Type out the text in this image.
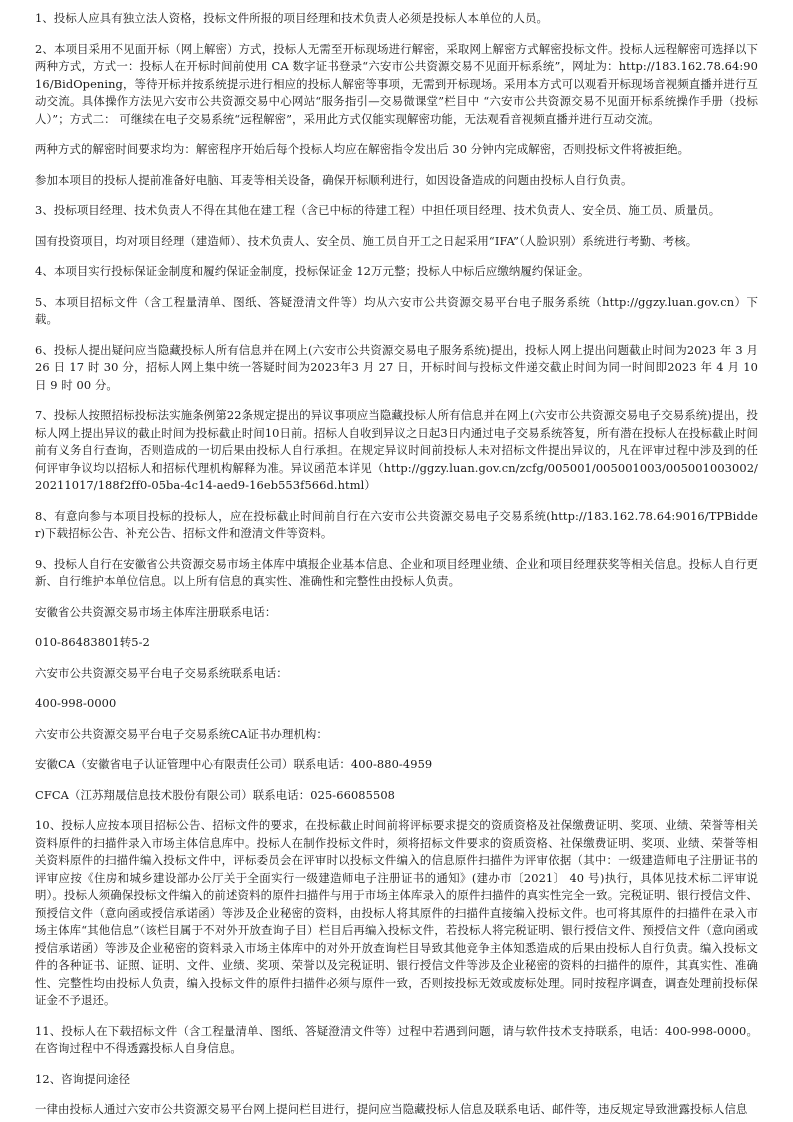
1、投标人应具有独立法人资格，投标文件所报的项目经理和技术负责人必须是投标人本单位的人员。

2、本项目采用不见面开标（网上解密）方式，投标人无需至开标现场进行解密，采取网上解密方式解密投标文件。投标人远程解密可选择以下两种方式，方式一：投标人在开标时间前使用 CA 数字证书登录“六安市公共资源交易不见面开标系统”，网址为：http://183.162.78.64:9016/BidOpening，等待开标并按系统提示进行相应的投标人解密等事项，无需到开标现场。采用本方式可以观看开标现场音视频直播并进行互动交流。具体操作方法见六安市公共资源交易中心网站“服务指引—交易微课堂”栏目中 “六安市公共资源交易不见面开标系统操作手册（投标人）”；方式二： 可继续在电子交易系统“远程解密”，采用此方式仅能实现解密功能，无法观看音视频直播并进行互动交流。

两种方式的解密时间要求均为：解密程序开始后每个投标人均应在解密指令发出后 30 分钟内完成解密，否则投标文件将被拒绝。

参加本项目的投标人提前准备好电脑、耳麦等相关设备，确保开标顺利进行，如因设备造成的问题由投标人自行负责。

3、投标项目经理、技术负责人不得在其他在建工程（含已中标的待建工程）中担任项目经理、技术负责人、安全员、施工员、质量员。

国有投资项目，均对项目经理（建造师）、技术负责人、安全员、施工员自开工之日起采用“IFA”（人脸识别）系统进行考勤、考核。

4、本项目实行投标保证金制度和履约保证金制度，投标保证金 12万元整；投标人中标后应缴纳履约保证金。

5、本项目招标文件（含工程量清单、图纸、答疑澄清文件等）均从六安市公共资源交易平台电子服务系统（http://ggzy.luan.gov.cn）下载。

6、投标人提出疑问应当隐藏投标人所有信息并在网上(六安市公共资源交易电子服务系统)提出，投标人网上提出问题截止时间为2023 年 3 月 26 日 17 时 30 分，招标人网上集中统一答疑时间为2023年3 月 27 日，开标时间与投标文件递交截止时间为同一时间即2023 年 4 月 10 日 9 时 00 分。

7、投标人按照招标投标法实施条例第22条规定提出的异议事项应当隐藏投标人所有信息并在网上(六安市公共资源交易电子交易系统)提出，投标人网上提出异议的截止时间为投标截止时间10日前。招标人自收到异议之日起3日内通过电子交易系统答复，所有潜在投标人在投标截止时间前有义务自行查询，否则造成的一切后果由投标人自行承担。在规定异议时间前投标人未对招标文件提出异议的，凡在评审过程中涉及到的任何评审争议均以招标人和招标代理机构解释为准。异议函范本详见（http://ggzy.luan.gov.cn/zcfg/005001/005001003/005001003002/20211017/188f2ff0-05ba-4c14-aed9-16eb553f566d.html）

8、有意向参与本项目投标的投标人，应在投标截止时间前自行在六安市公共资源交易电子交易系统(http://183.162.78.64:9016/TPBidder)下载招标公告、补充公告、招标文件和澄清文件等资料。

9、投标人自行在安徽省公共资源交易市场主体库中填报企业基本信息、企业和项目经理业绩、企业和项目经理获奖等相关信息。投标人自行更新、自行维护本单位信息。以上所有信息的真实性、准确性和完整性由投标人负责。

安徽省公共资源交易市场主体库注册联系电话：

010-86483801转5-2

六安市公共资源交易平台电子交易系统联系电话：

400-998-0000

六安市公共资源交易平台电子交易系统CA证书办理机构：

安徽CA（安徽省电子认证管理中心有限责任公司）联系电话：400-880-4959

CFCA（江苏翔晟信息技术股份有限公司）联系电话：025-66085508

10、投标人应按本项目招标公告、招标文件的要求，在投标截止时间前将评标要求提交的资质资格及社保缴费证明、奖项、业绩、荣誉等相关资料原件的扫描件录入市场主体信息库中。投标人在制作投标文件时，须将招标文件要求的资质资格、社保缴费证明、奖项、业绩、荣誉等相关资料原件的扫描件编入投标文件中，评标委员会在评审时以投标文件编入的信息原件扫描件为评审依据（其中：一级建造师电子注册证书的评审应按《住房和城乡建设部办公厅关于全面实行一级建造师电子注册证书的通知》(建办市〔2021〕 40 号)执行，具体见技术标二评审说明）。投标人须确保投标文件编入的前述资料的原件扫描件与用于市场主体库录入的原件扫描件的真实性完全一致。完税证明、银行授信文件、预授信文件（意向函或授信承诺函）等涉及企业秘密的资料，由投标人将其原件的扫描件直接编入投标文件。也可将其原件的扫描件在录入市场主体库“其他信息”（该栏目属于不对外开放查询子目）栏目后再编入投标文件，若投标人将完税证明、银行授信文件、预授信文件（意向函或授信承诺函）等涉及企业秘密的资料录入市场主体库中的对外开放查询栏目导致其他竞争主体知悉造成的后果由投标人自行负责。编入投标文件的各种证书、证照、证明、文件、业绩、奖项、荣誉以及完税证明、银行授信文件等涉及企业秘密的资料的扫描件的原件，其真实性、准确性、完整性均由投标人负责，编入投标文件的原件扫描件必须与原件一致，否则按投标无效或废标处理。同时按程序调查，调查处理前投标保证金不予退还。

11、投标人在下载招标文件（含工程量清单、图纸、答疑澄清文件等）过程中若遇到问题，请与软件技术支持联系，电话：400-998-0000。在咨询过程中不得透露投标人自身信息。

12、咨询提问途径

一律由投标人通过六安市公共资源交易平台网上提问栏目进行，提问应当隐藏投标人信息及联系电话、邮件等，违反规定导致泄露投标人信息
